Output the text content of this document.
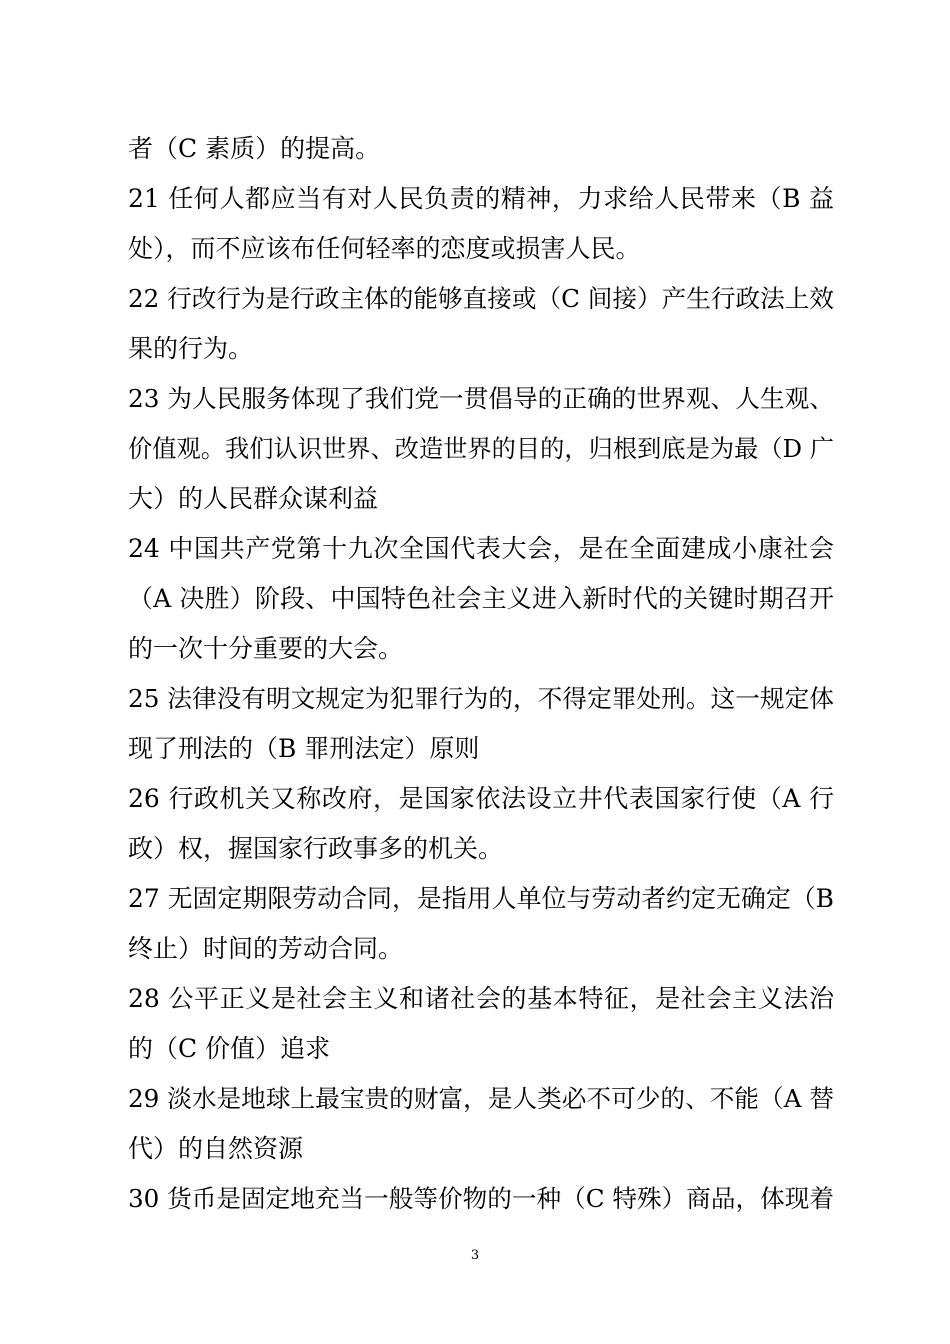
者（C 素质）的提高。
21 任何人都应当有对人民负责的精神，力求给人民带来（B 益
处），而不应该布任何轻率的恋度或损害人民。
22 行改行为是行政主体的能够直接或（C 间接）产生行政法上效
果的行为。
23 为人民服务体现了我们党一贯倡导的正确的世界观、人生观、
价值观。我们认识世界、改造世界的目的，归根到底是为最（D 广
大）的人民群众谋利益
24 中国共产党第十九次全国代表大会，是在全面建成小康社会
（A 决胜）阶段、中国特色社会主义进入新时代的关键时期召开
的一次十分重要的大会。
25 法律没有明文规定为犯罪行为的，不得定罪处刑。这一规定体
现了刑法的（B 罪刑法定）原则
26 行政机关又称改府，是国家依法设立井代表国家行使（A 行
政）权，握国家行政事多的机关。
27 无固定期限劳动合同，是指用人单位与劳动者约定无确定（B
终止）时间的芳动合同。
28 公平正义是社会主义和诸社会的基本特征，是社会主义法治
的（C 价值）追求
29 淡水是地球上最宝贵的财富，是人类必不可少的、不能（A 替
代）的自然资源
30 货币是固定地充当一般等价物的一种（C 特殊）商品，体现着
3
